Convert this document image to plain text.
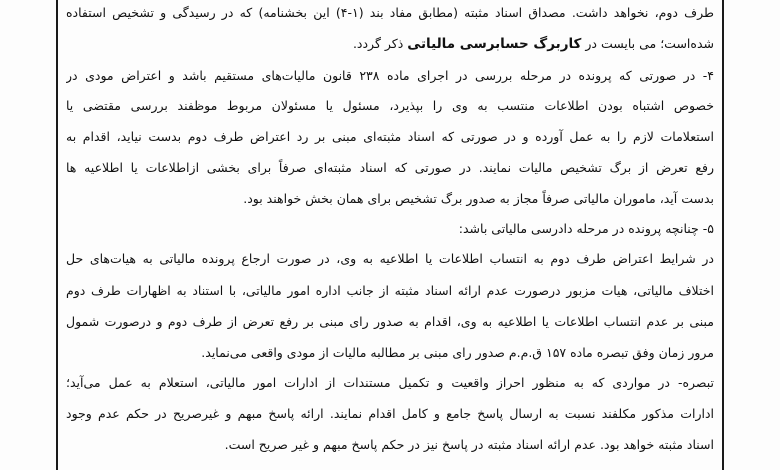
طرف دوم، نخواهد داشت. مصداق اسناد مثبته (مطابق مفاد بند (۱-۴) این بخشنامه) که در رسیدگی و تشخیص استفاده
شده‌است؛ می بایست در کاربرگ حسابرسی مالیاتی ذکر گردد.
۴- در صورتی که پرونده در مرحله بررسی در اجرای ماده ۲۳۸ قانون مالیات‌های مستقیم باشد و اعتراض مودی در
خصوص اشتباه بودن اطلاعات منتسب به وی را بپذیرد، مسئول یا مسئولان مربوط موظفند بررسی مقتضی یا
استعلامات لازم را به عمل آورده و در صورتی که اسناد مثبته‌ای مبنی بر رد اعتراض طرف دوم بدست نیاید، اقدام به
رفع تعرض از برگ تشخیص مالیات نمایند. در صورتی که اسناد مثبته‌ای صرفاً برای بخشی ازاطلاعات یا اطلاعیه ها
بدست آید، ماموران مالیاتی صرفاً مجاز به صدور برگ تشخیص برای همان بخش خواهند بود.
۵- چنانچه پرونده در مرحله دادرسی مالیاتی باشد:
در شرایط اعتراض طرف دوم به انتساب اطلاعات یا اطلاعیه به وی، در صورت ارجاع پرونده مالیاتی به هیات‌های حل
اختلاف مالیاتی، هیات مزبور درصورت عدم ارائه اسناد مثبته از جانب اداره امور مالیاتی، با استناد به اظهارات طرف دوم
مبنی بر عدم انتساب اطلاعات یا اطلاعیه به وی، اقدام به صدور رای مبنی بر رفع تعرض از طرف دوم و درصورت شمول
مرور زمان وفق تبصره ماده ۱۵۷ ق.م.م صدور رای مبنی بر مطالبه مالیات از مودی واقعی می‌نماید.
تبصره- در مواردی که به منظور احراز واقعیت و تکمیل مستندات از ادارات امور مالیاتی، استعلام به عمل می‌آید؛
ادارات مذکور مکلفند نسبت به ارسال پاسخ جامع و کامل اقدام نمایند. ارائه پاسخ مبهم و غیرصریح در حکم عدم وجود
اسناد مثبته خواهد بود. عدم ارائه اسناد مثبته در پاسخ نیز در حکم پاسخ مبهم و غیر صریح است.
